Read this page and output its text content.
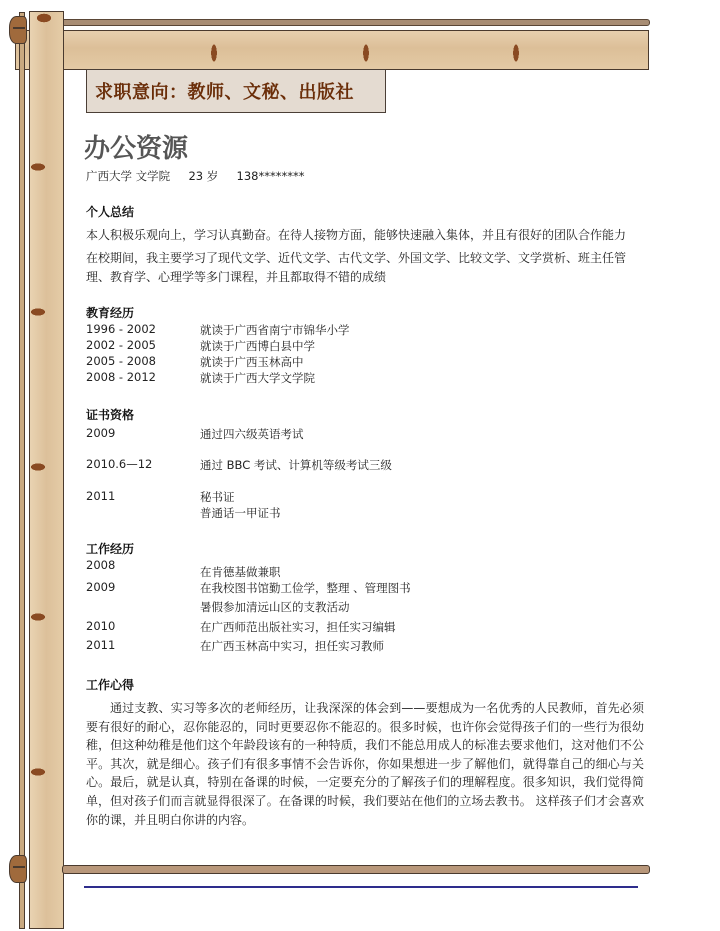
求职意向：教师、文秘、出版社
办公资源
广西大学 文学院 23 岁 138********
个人总结
本人积极乐观向上，学习认真勤奋。在待人接物方面，能够快速融入集体，并且有很好的团队合作能力
在校期间，我主要学习了现代文学、近代文学、古代文学、外国文学、比较文学、文学赏析、班主任管理、教育学、心理学等多门课程，并且都取得不错的成绩
教育经历
1996 - 2002	就读于广西省南宁市锦华小学
2002 - 2005	就读于广西博白县中学
2005 - 2008	就读于广西玉林高中
2008 - 2012	就读于广西大学文学院
证书资格
2009	通过四六级英语考试
2010.6—12	通过 BBC 考试、计算机等级考试三级
2011	秘书证
普通话一甲证书
工作经历
2008	在肯德基做兼职
2009	在我校图书馆勤工俭学，整理 、管理图书
暑假参加清远山区的支教活动
2010	在广西师范出版社实习，担任实习编辑
2011	在广西玉林高中实习，担任实习教师
工作心得
通过支教、实习等多次的老师经历，让我深深的体会到——要想成为一名优秀的人民教师，首先必须要有很好的耐心，忍你能忍的，同时更要忍你不能忍的。很多时候，也许你会觉得孩子们的一些行为很幼稚，但这种幼稚是他们这个年龄段该有的一种特质，我们不能总用成人的标准去要求他们，这对他们不公平。其次，就是细心。孩子们有很多事情不会告诉你，你如果想进一步了解他们，就得靠自己的细心与关心。最后，就是认真，特别在备课的时候，一定要充分的了解孩子们的理解程度。很多知识，我们觉得简单，但对孩子们而言就显得很深了。在备课的时候，我们要站在他们的立场去教书。 这样孩子们才会喜欢你的课，并且明白你讲的内容。
